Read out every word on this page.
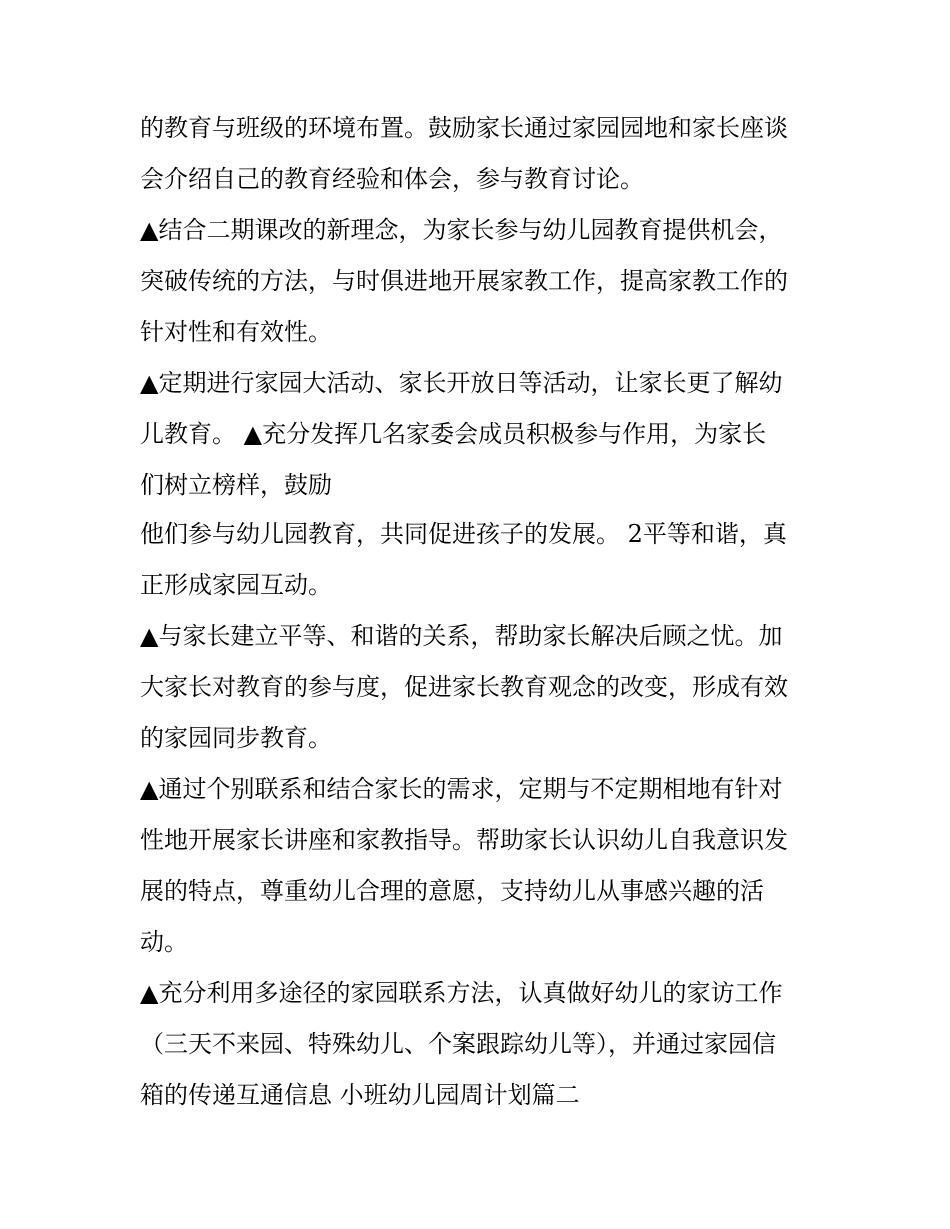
的教育与班级的环境布置。鼓励家长通过家园园地和家长座谈

会介绍自己的教育经验和体会，参与教育讨论。

▲结合二期课改的新理念，为家长参与幼儿园教育提供机会，

突破传统的方法，与时俱进地开展家教工作，提高家教工作的

针对性和有效性。

▲定期进行家园大活动、家长开放日等活动，让家长更了解幼

儿教育。 ▲充分发挥几名家委会成员积极参与作用，为家长

们树立榜样，鼓励

他们参与幼儿园教育，共同促进孩子的发展。 2平等和谐，真

正形成家园互动。

▲与家长建立平等、和谐的关系，帮助家长解决后顾之忧。加

大家长对教育的参与度，促进家长教育观念的改变，形成有效

的家园同步教育。

▲通过个别联系和结合家长的需求，定期与不定期相地有针对

性地开展家长讲座和家教指导。帮助家长认识幼儿自我意识发

展的特点，尊重幼儿合理的意愿，支持幼儿从事感兴趣的活

动。

▲充分利用多途径的家园联系方法，认真做好幼儿的家访工作

（三天不来园、特殊幼儿、个案跟踪幼儿等），并通过家园信

箱的传递互通信息 小班幼儿园周计划篇二
